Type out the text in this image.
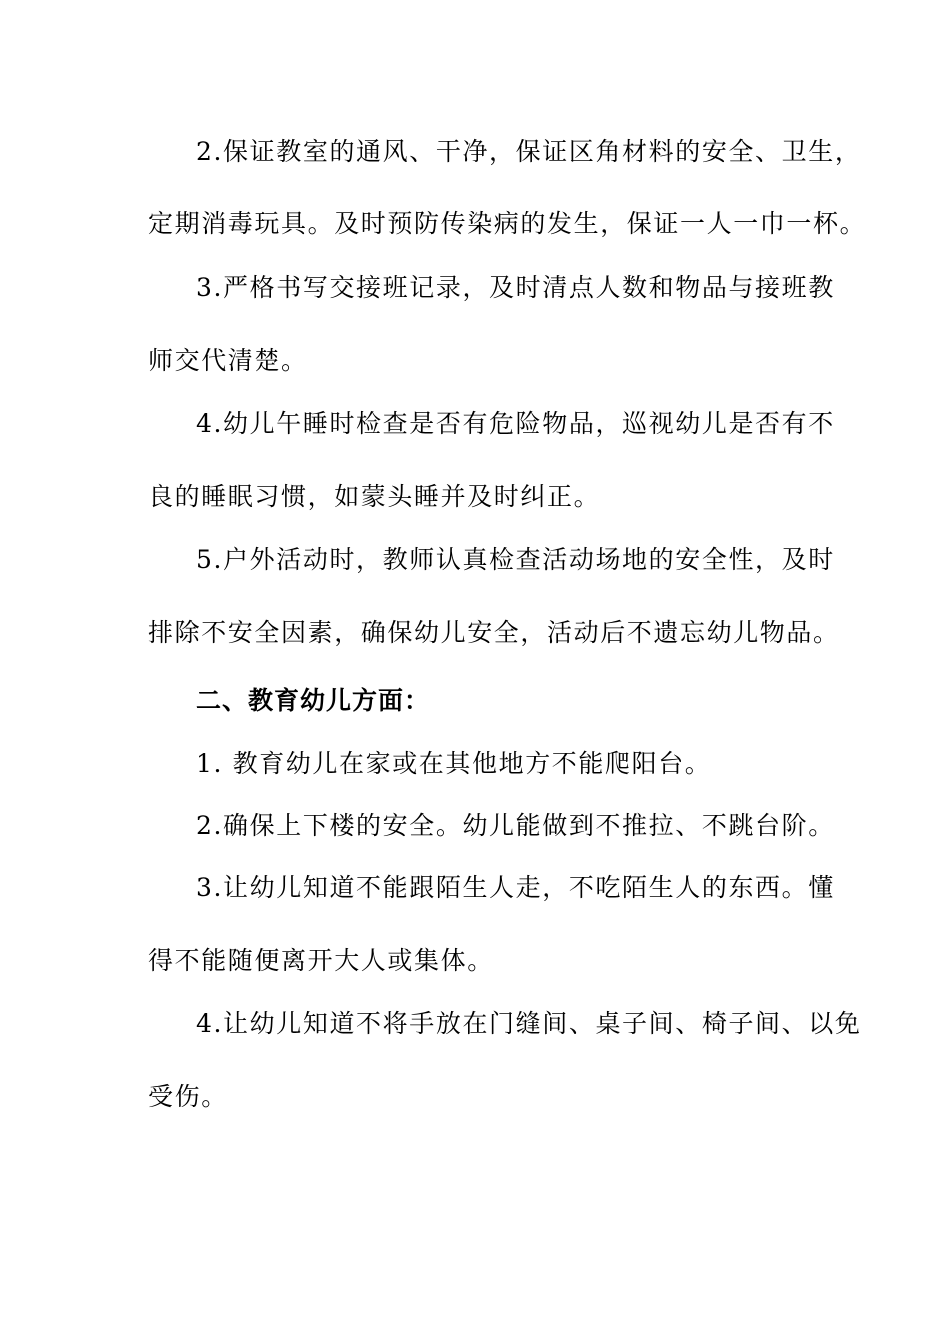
2.保证教室的通风、干净，保证区角材料的安全、卫生，
定期消毒玩具。及时预防传染病的发生，保证一人一巾一杯。
3.严格书写交接班记录，及时清点人数和物品与接班教
师交代清楚。
4.幼儿午睡时检查是否有危险物品，巡视幼儿是否有不
良的睡眠习惯，如蒙头睡并及时纠正。
5.户外活动时，教师认真检查活动场地的安全性，及时
排除不安全因素，确保幼儿安全，活动后不遗忘幼儿物品。
二、教育幼儿方面：
1. 教育幼儿在家或在其他地方不能爬阳台。
2.确保上下楼的安全。幼儿能做到不推拉、不跳台阶。
3.让幼儿知道不能跟陌生人走，不吃陌生人的东西。懂
得不能随便离开大人或集体。
4.让幼儿知道不将手放在门缝间、桌子间、椅子间、以免
受伤。
